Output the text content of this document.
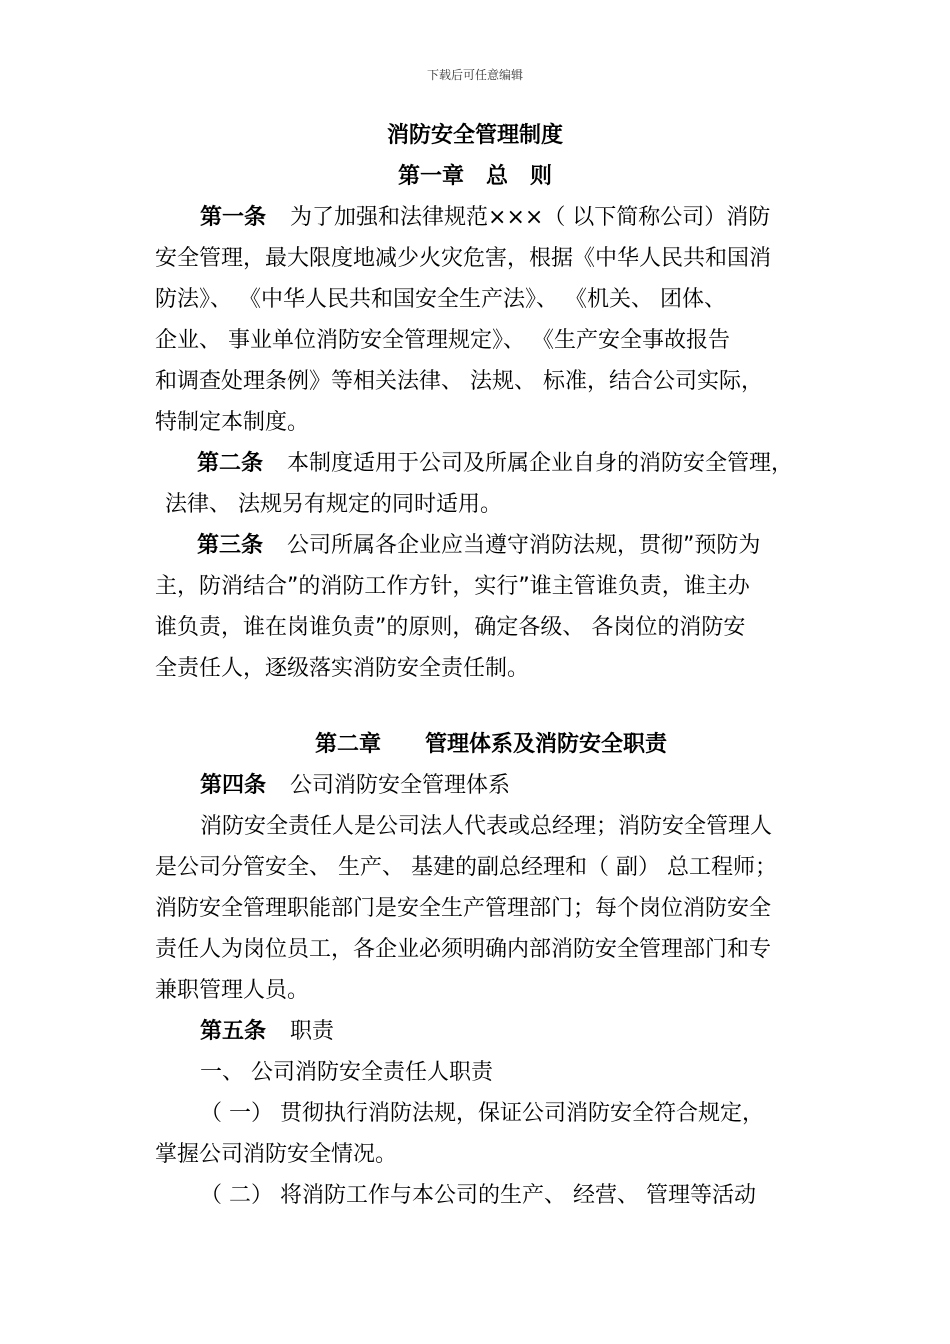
下载后可任意编辑
消防安全管理制度
第一章　总　则
第一条 为了加强和法律规范×××（ 以下简称公司）消防
安全管理，最大限度地减少火灾危害，根据《中华人民共和国消
防法》、 《中华人民共和国安全生产法》、 《机关、 团体、
企业、 事业单位消防安全管理规定》、 《生产安全事故报告
和调查处理条例》等相关法律、 法规、 标准，结合公司实际，
特制定本制度。
第二条 本制度适用于公司及所属企业自身的消防安全管理，
法律、 法规另有规定的同时适用。
第三条 公司所属各企业应当遵守消防法规，贯彻”预防为
主，防消结合”的消防工作方针，实行”谁主管谁负责，谁主办
谁负责，谁在岗谁负责”的原则，确定各级、 各岗位的消防安
全责任人，逐级落实消防安全责任制。
第二章　　管理体系及消防安全职责
第四条 公司消防安全管理体系
消防安全责任人是公司法人代表或总经理；消防安全管理人
是公司分管安全、 生产、 基建的副总经理和（ 副） 总工程师；
消防安全管理职能部门是安全生产管理部门；每个岗位消防安全
责任人为岗位员工，各企业必须明确内部消防安全管理部门和专
兼职管理人员。
第五条 职责
一、 公司消防安全责任人职责
（ 一） 贯彻执行消防法规，保证公司消防安全符合规定，
掌握公司消防安全情况。
（ 二） 将消防工作与本公司的生产、 经营、 管理等活动
